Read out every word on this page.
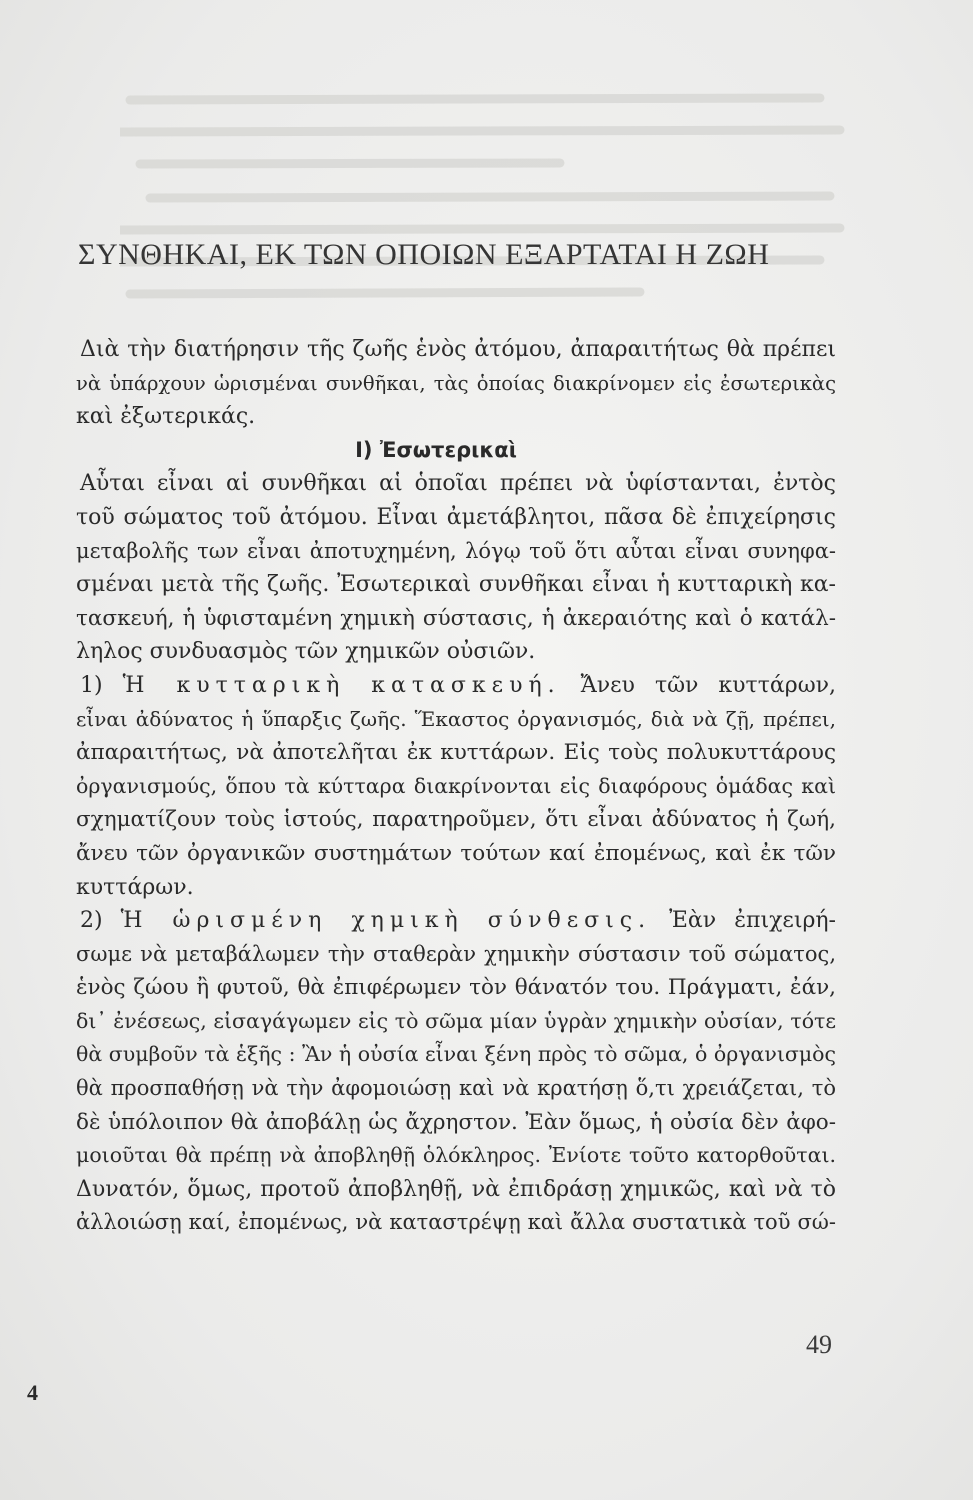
ΣΥΝΘΗΚΑΙ, ΕΚ ΤΩΝ ΟΠΟΙΩΝ ΕΞΑΡΤΑΤΑΙ Η ΖΩΗ
Διὰ τὴν διατήρησιν τῆς ζωῆς ἑνὸς ἀτόμου, ἀπαραιτήτως θὰ πρέπει
νὰ ὑπάρχουν ὡρισμέναι συνθῆκαι, τὰς ὁποίας διακρίνομεν εἰς ἐσωτερικὰς
καὶ ἐξωτερικάς.
I) Ἐσωτερικαὶ
Αὗται εἶναι αἱ συνθῆκαι αἱ ὁποῖαι πρέπει νὰ ὑφίστανται, ἐντὸς
τοῦ σώματος τοῦ ἀτόμου. Εἶναι ἀμετάβλητοι, πᾶσα δὲ ἐπιχείρησις
μεταβολῆς των εἶναι ἀποτυχημένη, λόγῳ τοῦ ὅτι αὗται εἶναι συνηφα-
σμέναι μετὰ τῆς ζωῆς. Ἐσωτερικαὶ συνθῆκαι εἶναι ἡ κυτταρικὴ κα-
τασκευή, ἡ ὑφισταμένη χημικὴ σύστασις, ἡ ἀκεραιότης καὶ ὁ κατάλ-
ληλος συνδυασμὸς τῶν χημικῶν οὐσιῶν.
1) Ἡ κυτταρικὴ κατασκευή. Ἄνευ τῶν κυττάρων,
εἶναι ἀδύνατος ἡ ὕπαρξις ζωῆς. Ἕκαστος ὀργανισμός, διὰ νὰ ζῇ, πρέπει,
ἀπαραιτήτως, νὰ ἀποτελῆται ἐκ κυττάρων. Εἰς τοὺς πολυκυττάρους
ὀργανισμούς, ὅπου τὰ κύτταρα διακρίνονται εἰς διαφόρους ὁμάδας καὶ
σχηματίζουν τοὺς ἱστούς, παρατηροῦμεν, ὅτι εἶναι ἀδύνατος ἡ ζωή,
ἄνευ τῶν ὀργανικῶν συστημάτων τούτων καί ἐπομένως, καὶ ἐκ τῶν
κυττάρων.
2) Ἡ ὡρισμένη χημικὴ σύνθεσις. Ἐὰν ἐπιχειρή-
σωμε νὰ μεταβάλωμεν τὴν σταθερὰν χημικὴν σύστασιν τοῦ σώματος,
ἑνὸς ζώου ἢ φυτοῦ, θὰ ἐπιφέρωμεν τὸν θάνατόν του. Πράγματι, ἐάν,
δι᾽ ἐνέσεως, εἰσαγάγωμεν εἰς τὸ σῶμα μίαν ὑγρὰν χημικὴν οὐσίαν, τότε
θὰ συμβοῦν τὰ ἑξῆς : Ἂν ἡ οὐσία εἶναι ξένη πρὸς τὸ σῶμα, ὁ ὀργανισμὸς
θὰ προσπαθήσῃ νὰ τὴν ἀφομοιώσῃ καὶ νὰ κρατήσῃ ὅ,τι χρειάζεται, τὸ
δὲ ὑπόλοιπον θὰ ἀποβάλῃ ὡς ἄχρηστον. Ἐὰν ὅμως, ἡ οὐσία δὲν ἀφο-
μοιοῦται θὰ πρέπῃ νὰ ἀποβληθῇ ὁλόκληρος. Ἐνίοτε τοῦτο κατορθοῦται.
Δυνατόν, ὅμως, προτοῦ ἀποβληθῇ, νὰ ἐπιδράσῃ χημικῶς, καὶ νὰ τὸ
ἀλλοιώσῃ καί, ἐπομένως, νὰ καταστρέψῃ καὶ ἄλλα συστατικὰ τοῦ σώ-
49
4
